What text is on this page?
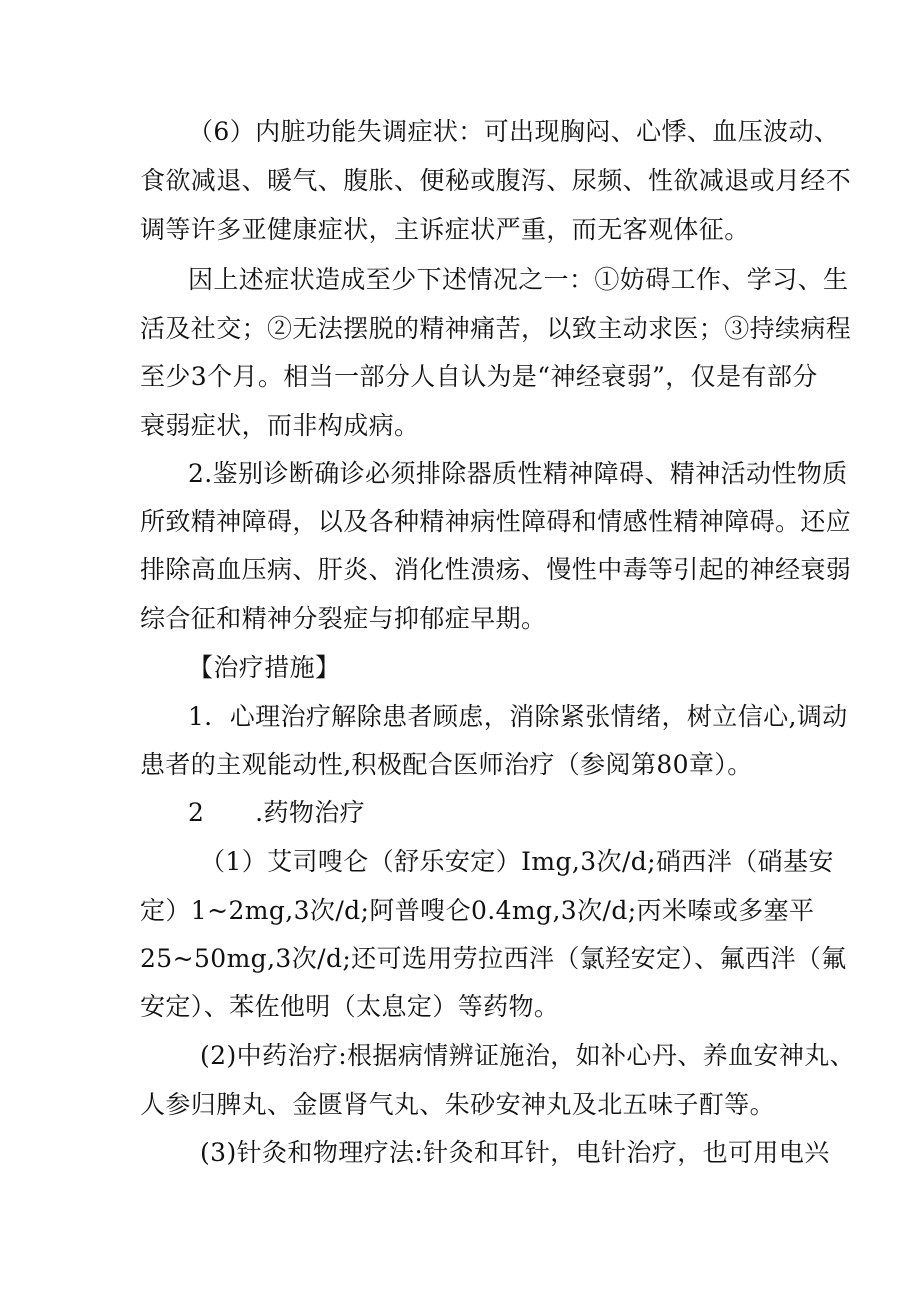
（6）内脏功能失调症状：可出现胸闷、心悸、血压波动、
食欲减退、暖气、腹胀、便秘或腹泻、尿频、性欲减退或月经不
调等许多亚健康症状，主诉症状严重，而无客观体征。
因上述症状造成至少下述情况之一：①妨碍工作、学习、生
活及社交；②无法摆脱的精神痛苦，以致主动求医；③持续病程
至少3个月。相当一部分人自认为是“神经衰弱”，仅是有部分
衰弱症状，而非构成病。
2.鉴别诊断确诊必须排除器质性精神障碍、精神活动性物质
所致精神障碍，以及各种精神病性障碍和情感性精神障碍。还应
排除高血压病、肝炎、消化性溃疡、慢性中毒等引起的神经衰弱
综合征和精神分裂症与抑郁症早期。
【治疗措施】
1．心理治疗解除患者顾虑，消除紧张情绪，树立信心,调动
患者的主观能动性,积极配合医师治疗（参阅第80章）。
2　　.药物治疗
（1）艾司嗖仑（舒乐安定）Img,3次/d;硝西泮（硝基安
定）1~2mg,3次/d;阿普嗖仑0.4mg,3次/d;丙米嗪或多塞平
25~50mg,3次/d;还可选用劳拉西泮（氯羟安定）、氟西泮（氟
安定）、苯佐他明（太息定）等药物。
(2)中药治疗:根据病情辨证施治，如补心丹、养血安神丸、
人参归脾丸、金匮肾气丸、朱砂安神丸及北五味子酊等。
(3)针灸和物理疗法:针灸和耳针，电针治疗，也可用电兴
